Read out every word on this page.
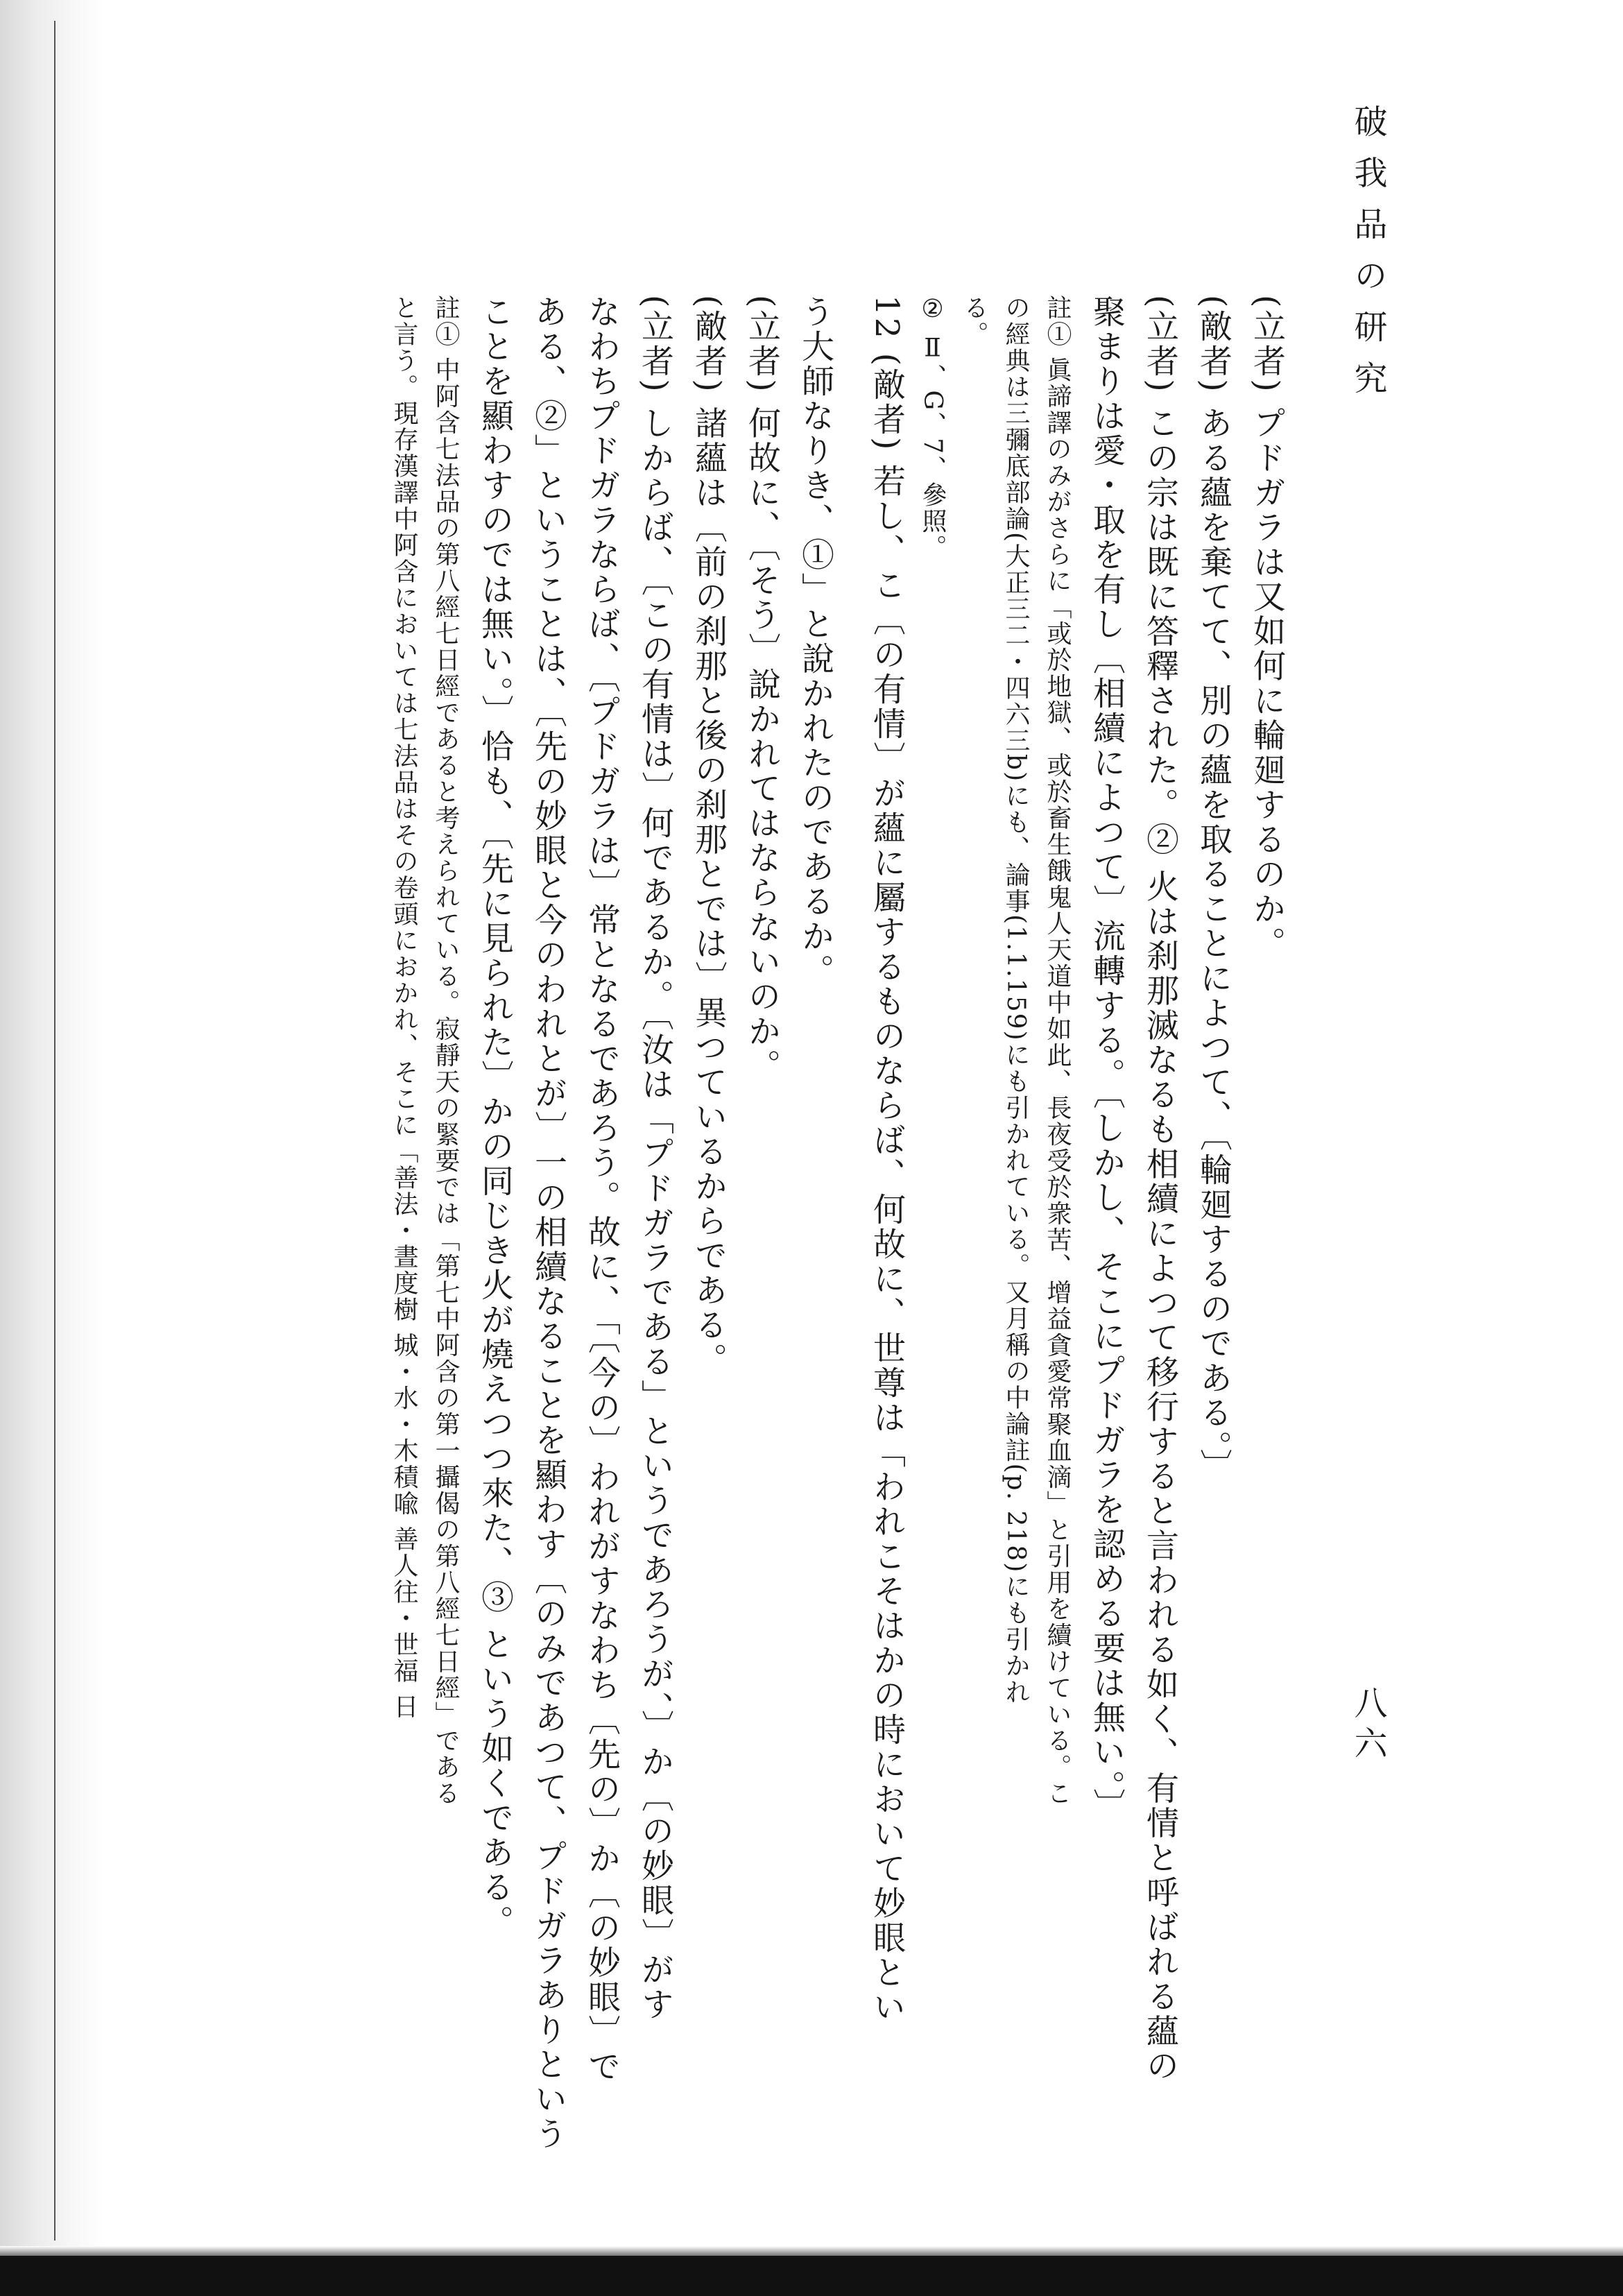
破我品の研究
八六
(立者) プドガラは又如何に輪廻するのか。
(敵者) ある蘊を棄てて、別の蘊を取ることによつて、〔輪廻するのである。〕
(立者) この宗は既に答釋された。② 火は刹那滅なるも相續によつて移行すると言われる如く、有情と呼ばれる蘊の
聚まりは愛・取を有し〔相續によつて〕流轉する。〔しかし、そこにプドガラを認める要は無い。〕
註① 眞諦譯のみがさらに「或於地獄、或於畜生餓鬼人天道中如此、長夜受於衆苦、增益貪愛常聚血滴」と引用を續けている。こ
の經典は三彌底部論(大正三二・四六三b)にも、論事(1.1.159)にも引かれている。又月稱の中論註(p. 218)にも引かれ
る。
② Ⅱ、G、7、參照。
12 (敵者) 若し、こ〔の有情〕が蘊に屬するものならば、何故に、世尊は「われこそはかの時において妙眼とい
う大師なりき、①」と說かれたのであるか。
(立者) 何故に、〔そう〕說かれてはならないのか。
(敵者) 諸蘊は〔前の刹那と後の刹那とでは〕異つているからである。
(立者) しからば、〔この有情は〕何であるか。〔汝は「プドガラである」というであろうが、〕か〔の妙眼〕がす
なわちプドガラならば、〔プドガラは〕常となるであろう。故に、「〔今の〕われがすなわち〔先の〕か〔の妙眼〕で
ある、②」ということは、〔先の妙眼と今のわれとが〕一の相續なることを顯わす〔のみであつて、プドガラありという
ことを顯わすのでは無い。〕恰も、〔先に見られた〕かの同じき火が燒えつつ來た、③ という如くである。
註① 中阿含七法品の第八經七日經であると考えられている。寂靜天の緊要では「第七中阿含の第一攝偈の第八經七日經」である
と言う。現存漢譯中阿含においては七法品はその卷頭におかれ、そこに「善法・晝度樹 城・水・木積喩 善人往・世福 日
